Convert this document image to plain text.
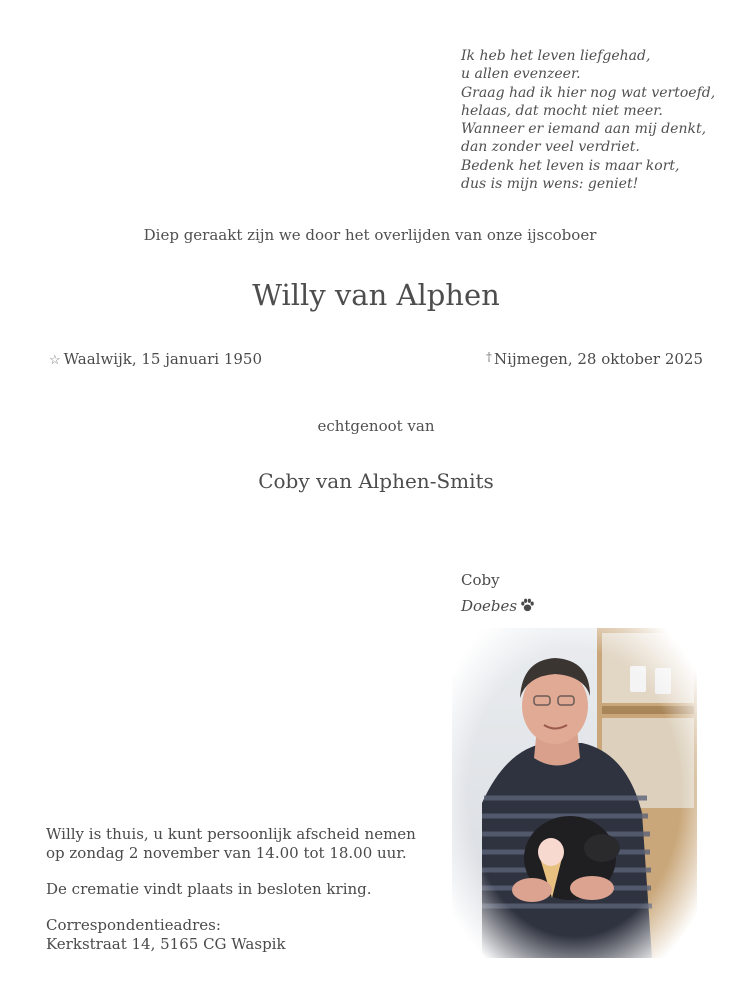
Ik heb het leven liefgehad,
u allen evenzeer.
Graag had ik hier nog wat vertoefd,
helaas, dat mocht niet meer.
Wanneer er iemand aan mij denkt,
dan zonder veel verdriet.
Bedenk het leven is maar kort,
dus is mijn wens: geniet!
Diep geraakt zijn we door het overlijden van onze ijscoboer
Willy van Alphen
☆ Waalwijk, 15 januari 1950	† Nijmegen, 28 oktober 2025
echtgenoot van
Coby van Alphen-Smits
Coby
Doebes

Willy is thuis, u kunt persoonlijk afscheid nemen

op zondag 2 november van 14.00 tot 18.00 uur.

De crematie vindt plaats in besloten kring.

Correspondentieadres:

Kerkstraat 14, 5165 CG Waspik
